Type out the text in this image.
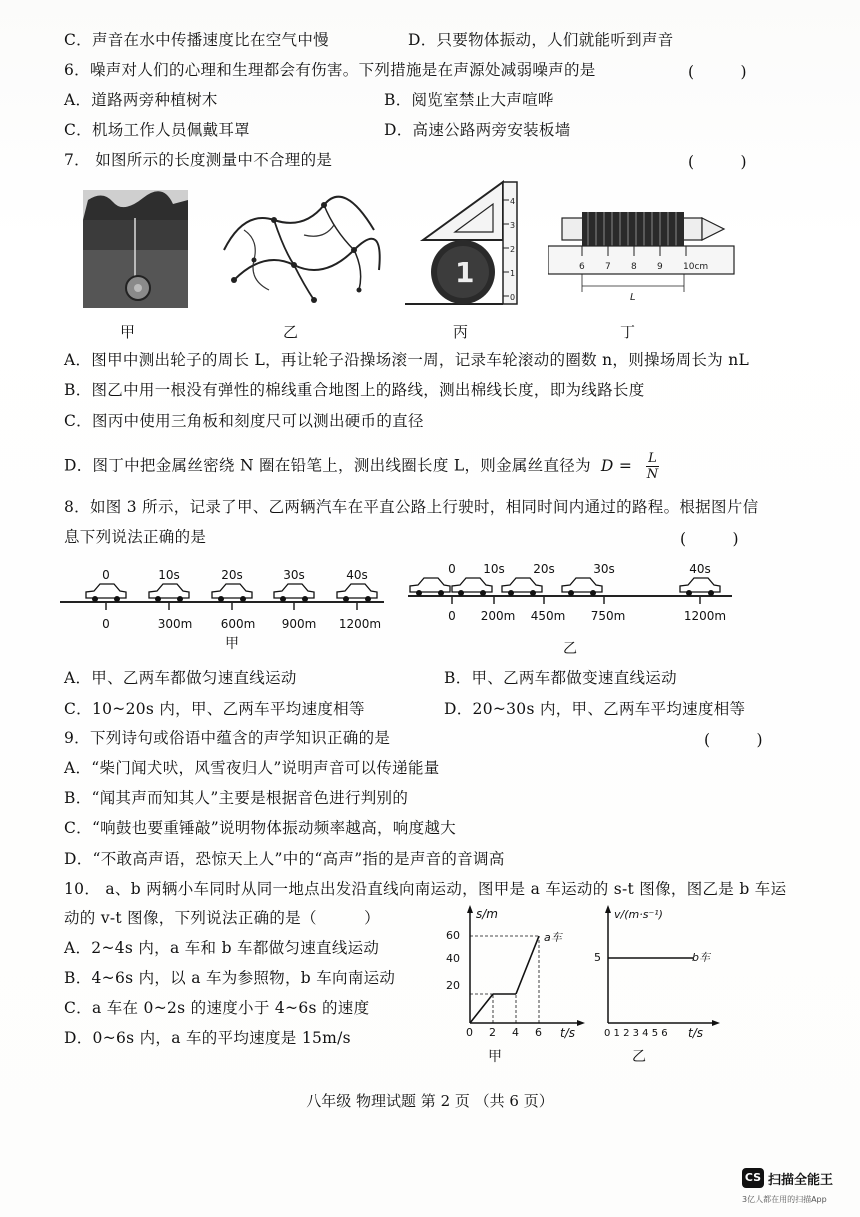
C．声音在水中传播速度比在空气中慢	D．只要物体振动，人们就能听到声音
6．噪声对人们的心理和生理都会有伤害。下列措施是在声源处减弱噪声的是	(　　　)
A．道路两旁种植树木	B．阅览室禁止大声喧哗
C．机场工作人员佩戴耳罩	D．高速公路两旁安装板墙
7． 如图所示的长度测量中不合理的是	(　　　)
0
1
2
3
4
1	6 7 8 9 10cm
L
甲	乙	丙	丁
A．图甲中测出轮子的周长 L，再让轮子沿操场滚一周，记录车轮滚动的圈数 n，则操场周长为 nL
B．图乙中用一根没有弹性的棉线重合地图上的路线，测出棉线长度，即为线路长度
C．图丙中使用三角板和刻度尺可以测出硬币的直径
D．图丁中把金属丝密绕 N 圈在铅笔上，测出线圈长度 L，则金属丝直径为 $D = \frac{L}{N}$
8．如图 3 所示，记录了甲、乙两辆汽车在平直公路上行驶时，相同时间内通过的路程。根据图片信
息下列说法正确的是	(　　　)
0	10s	20s	30s	40s
0	300m 600m 900m 1200m
甲
0 10s 20s	30s	40s
0 200m 450m 750m	1200m
乙
A．甲、乙两车都做匀速直线运动	B．甲、乙两车都做变速直线运动
C．10~20s 内，甲、乙两车平均速度相等	D．20~30s 内，甲、乙两车平均速度相等
9．下列诗句或俗语中蕴含的声学知识正确的是	(　　　)
A．“柴门闻犬吠，风雪夜归人”说明声音可以传递能量
B．“闻其声而知其人”主要是根据音色进行判别的
C．“响鼓也要重锤敲”说明物体振动频率越高，响度越大
D．“不敢高声语，恐惊天上人”中的“高声”指的是声音的音调高
10． a、b 两辆小车同时从同一地点出发沿直线向南运动，图甲是 a 车运动的 s-t 图像，图乙是 b 车运
动的 v-t 图像，下列说法正确的是（　　　）
A．2~4s 内，a 车和 b 车都做匀速直线运动
B．4~6s 内，以 a 车为参照物，b 车向南运动
C．a 车在 0~2s 的速度小于 4~6s 的速度
D．0~6s 内，a 车的平均速度是 15m/s
s/m
t/s
20
40
60
0 2 4 6
a车
甲
v/(m·s⁻¹)
t/s
5
0 1 2 3 4 5 6
b车
乙
八年级 物理试题 第 2 页 （共 6 页）
CS 扫描全能王
3亿人都在用的扫描App
